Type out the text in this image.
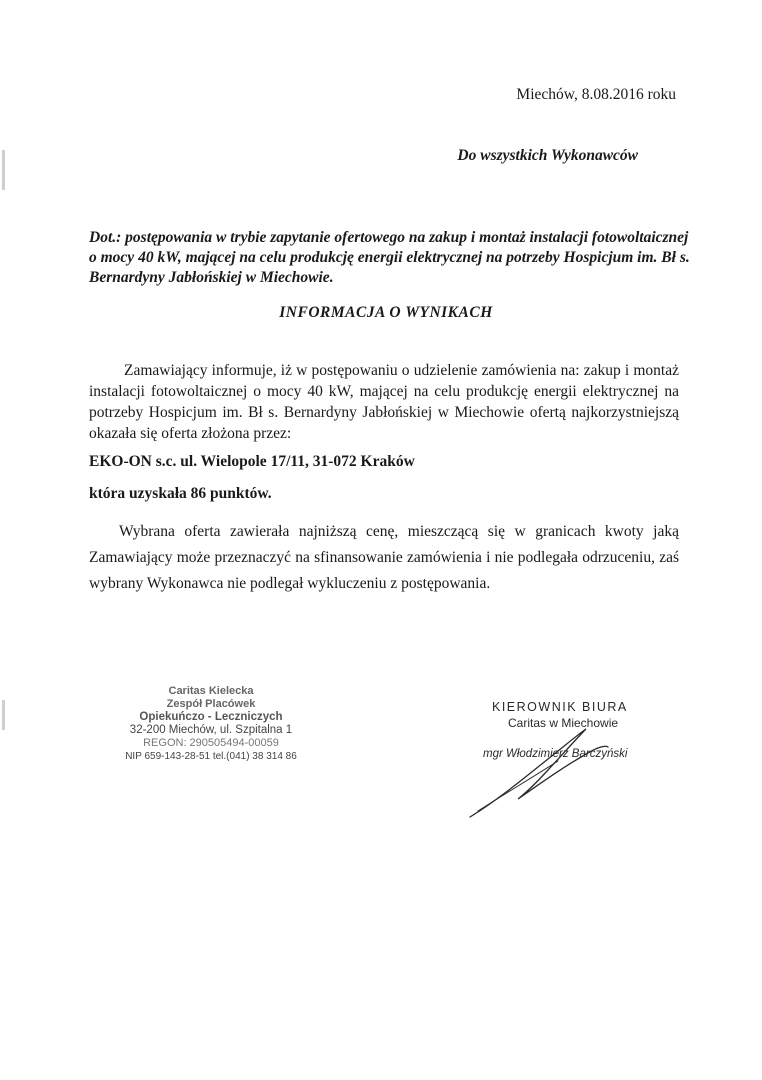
Miechów, 8.08.2016 roku
Do wszystkich Wykonawców
Dot.: postępowania w trybie zapytanie ofertowego na zakup i montaż instalacji fotowoltaicznej o mocy 40 kW, mającej na celu produkcję energii elektrycznej na potrzeby Hospicjum im. Bł s. Bernardyny Jabłońskiej w Miechowie.
INFORMACJA O WYNIKACH
Zamawiający informuje, iż w postępowaniu o udzielenie zamówienia na: zakup i montaż instalacji fotowoltaicznej o mocy 40 kW, mającej na celu produkcję energii elektrycznej na potrzeby Hospicjum im. Bł s. Bernardyny Jabłońskiej w Miechowie ofertą najkorzystniejszą okazała się oferta złożona przez:
EKO-ON s.c. ul. Wielopole 17/11, 31-072 Kraków
która uzyskała 86 punktów.
Wybrana oferta zawierała najniższą cenę, mieszczącą się w granicach kwoty jaką Zamawiający może przeznaczyć na sfinansowanie zamówienia i nie podlegała odrzuceniu, zaś wybrany Wykonawca nie podlegał wykluczeniu z postępowania.
Caritas Kielecka
Zespół Placówek
Opiekuńczo - Leczniczych
32-200 Miechów, ul. Szpitalna 1
REGON: 290505494-00059
NIP 659-143-28-51 tel.(041) 38 314 86
KIEROWNIK BIURA
Caritas w Miechowie
mgr Włodzimierz Barczyński
